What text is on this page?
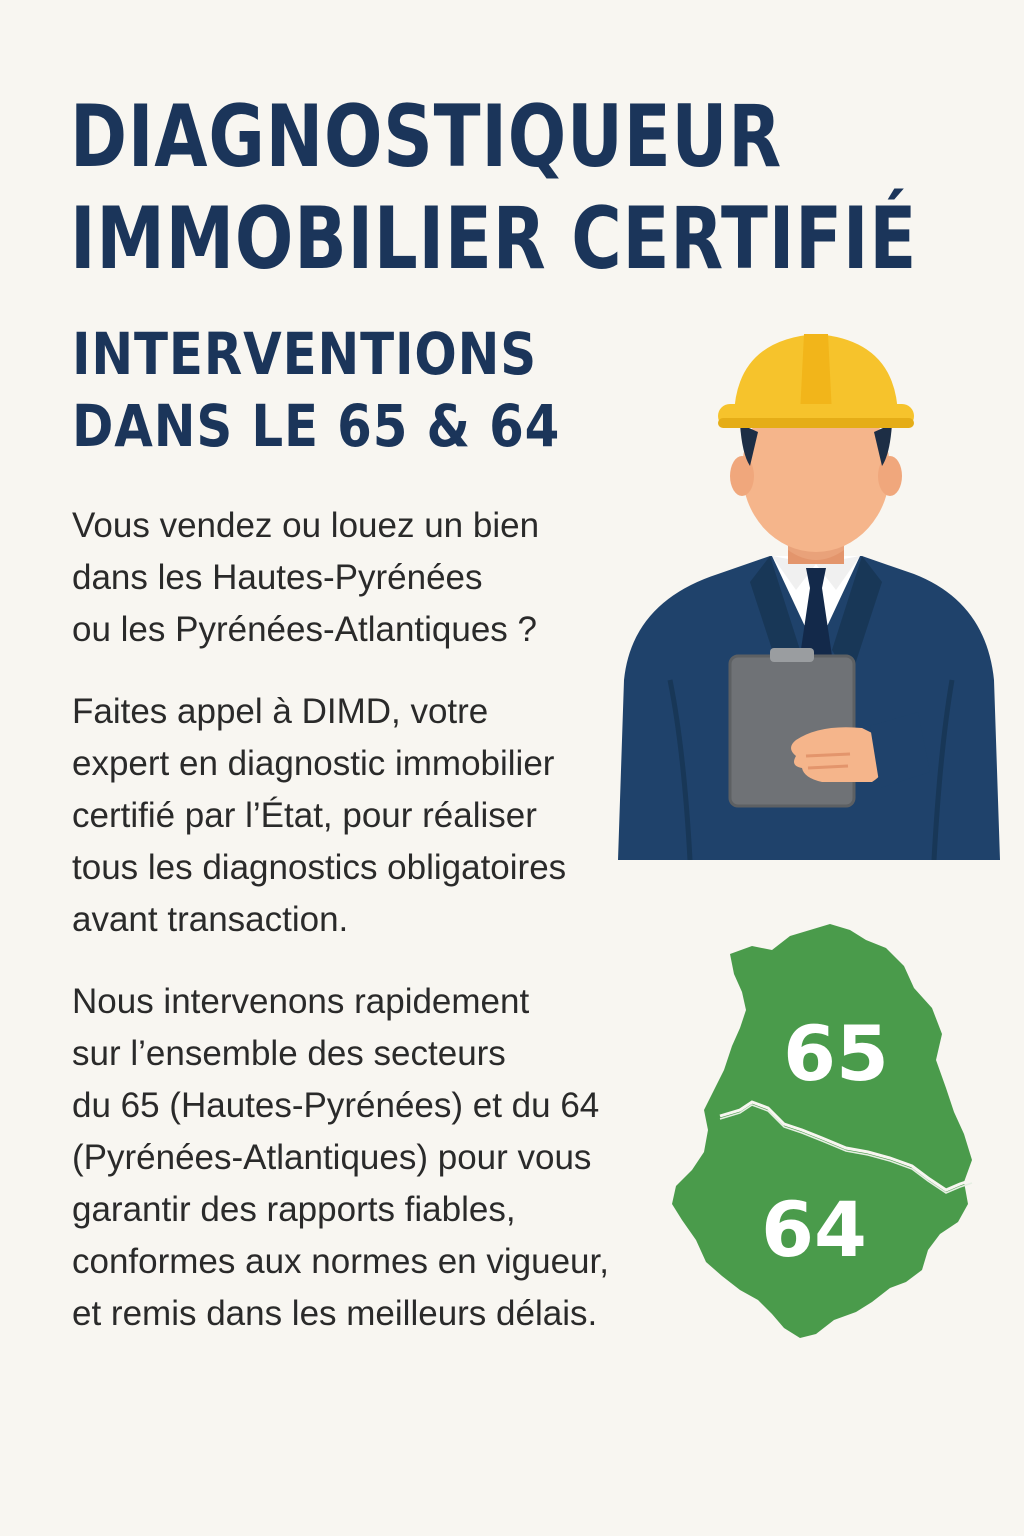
DIAGNOSTIQUEUR
IMMOBILIER CERTIFIÉ
INTERVENTIONS
DANS LE 65 & 64

Vous vendez ou louez un bien
dans les Hautes-Pyrénées
ou les Pyrénées-Atlantiques ?

Faites appel à DIMD, votre
expert en diagnostic immobilier
certifié par l’État, pour réaliser
tous les diagnostics obligatoires
avant transaction.

Nous intervenons rapidement
sur l’ensemble des secteurs
du 65 (Hautes-Pyrénées) et du 64
(Pyrénées-Atlantiques) pour vous
garantir des rapports fiables,
conformes aux normes en vigueur,
et remis dans les meilleurs délais.

65
64
